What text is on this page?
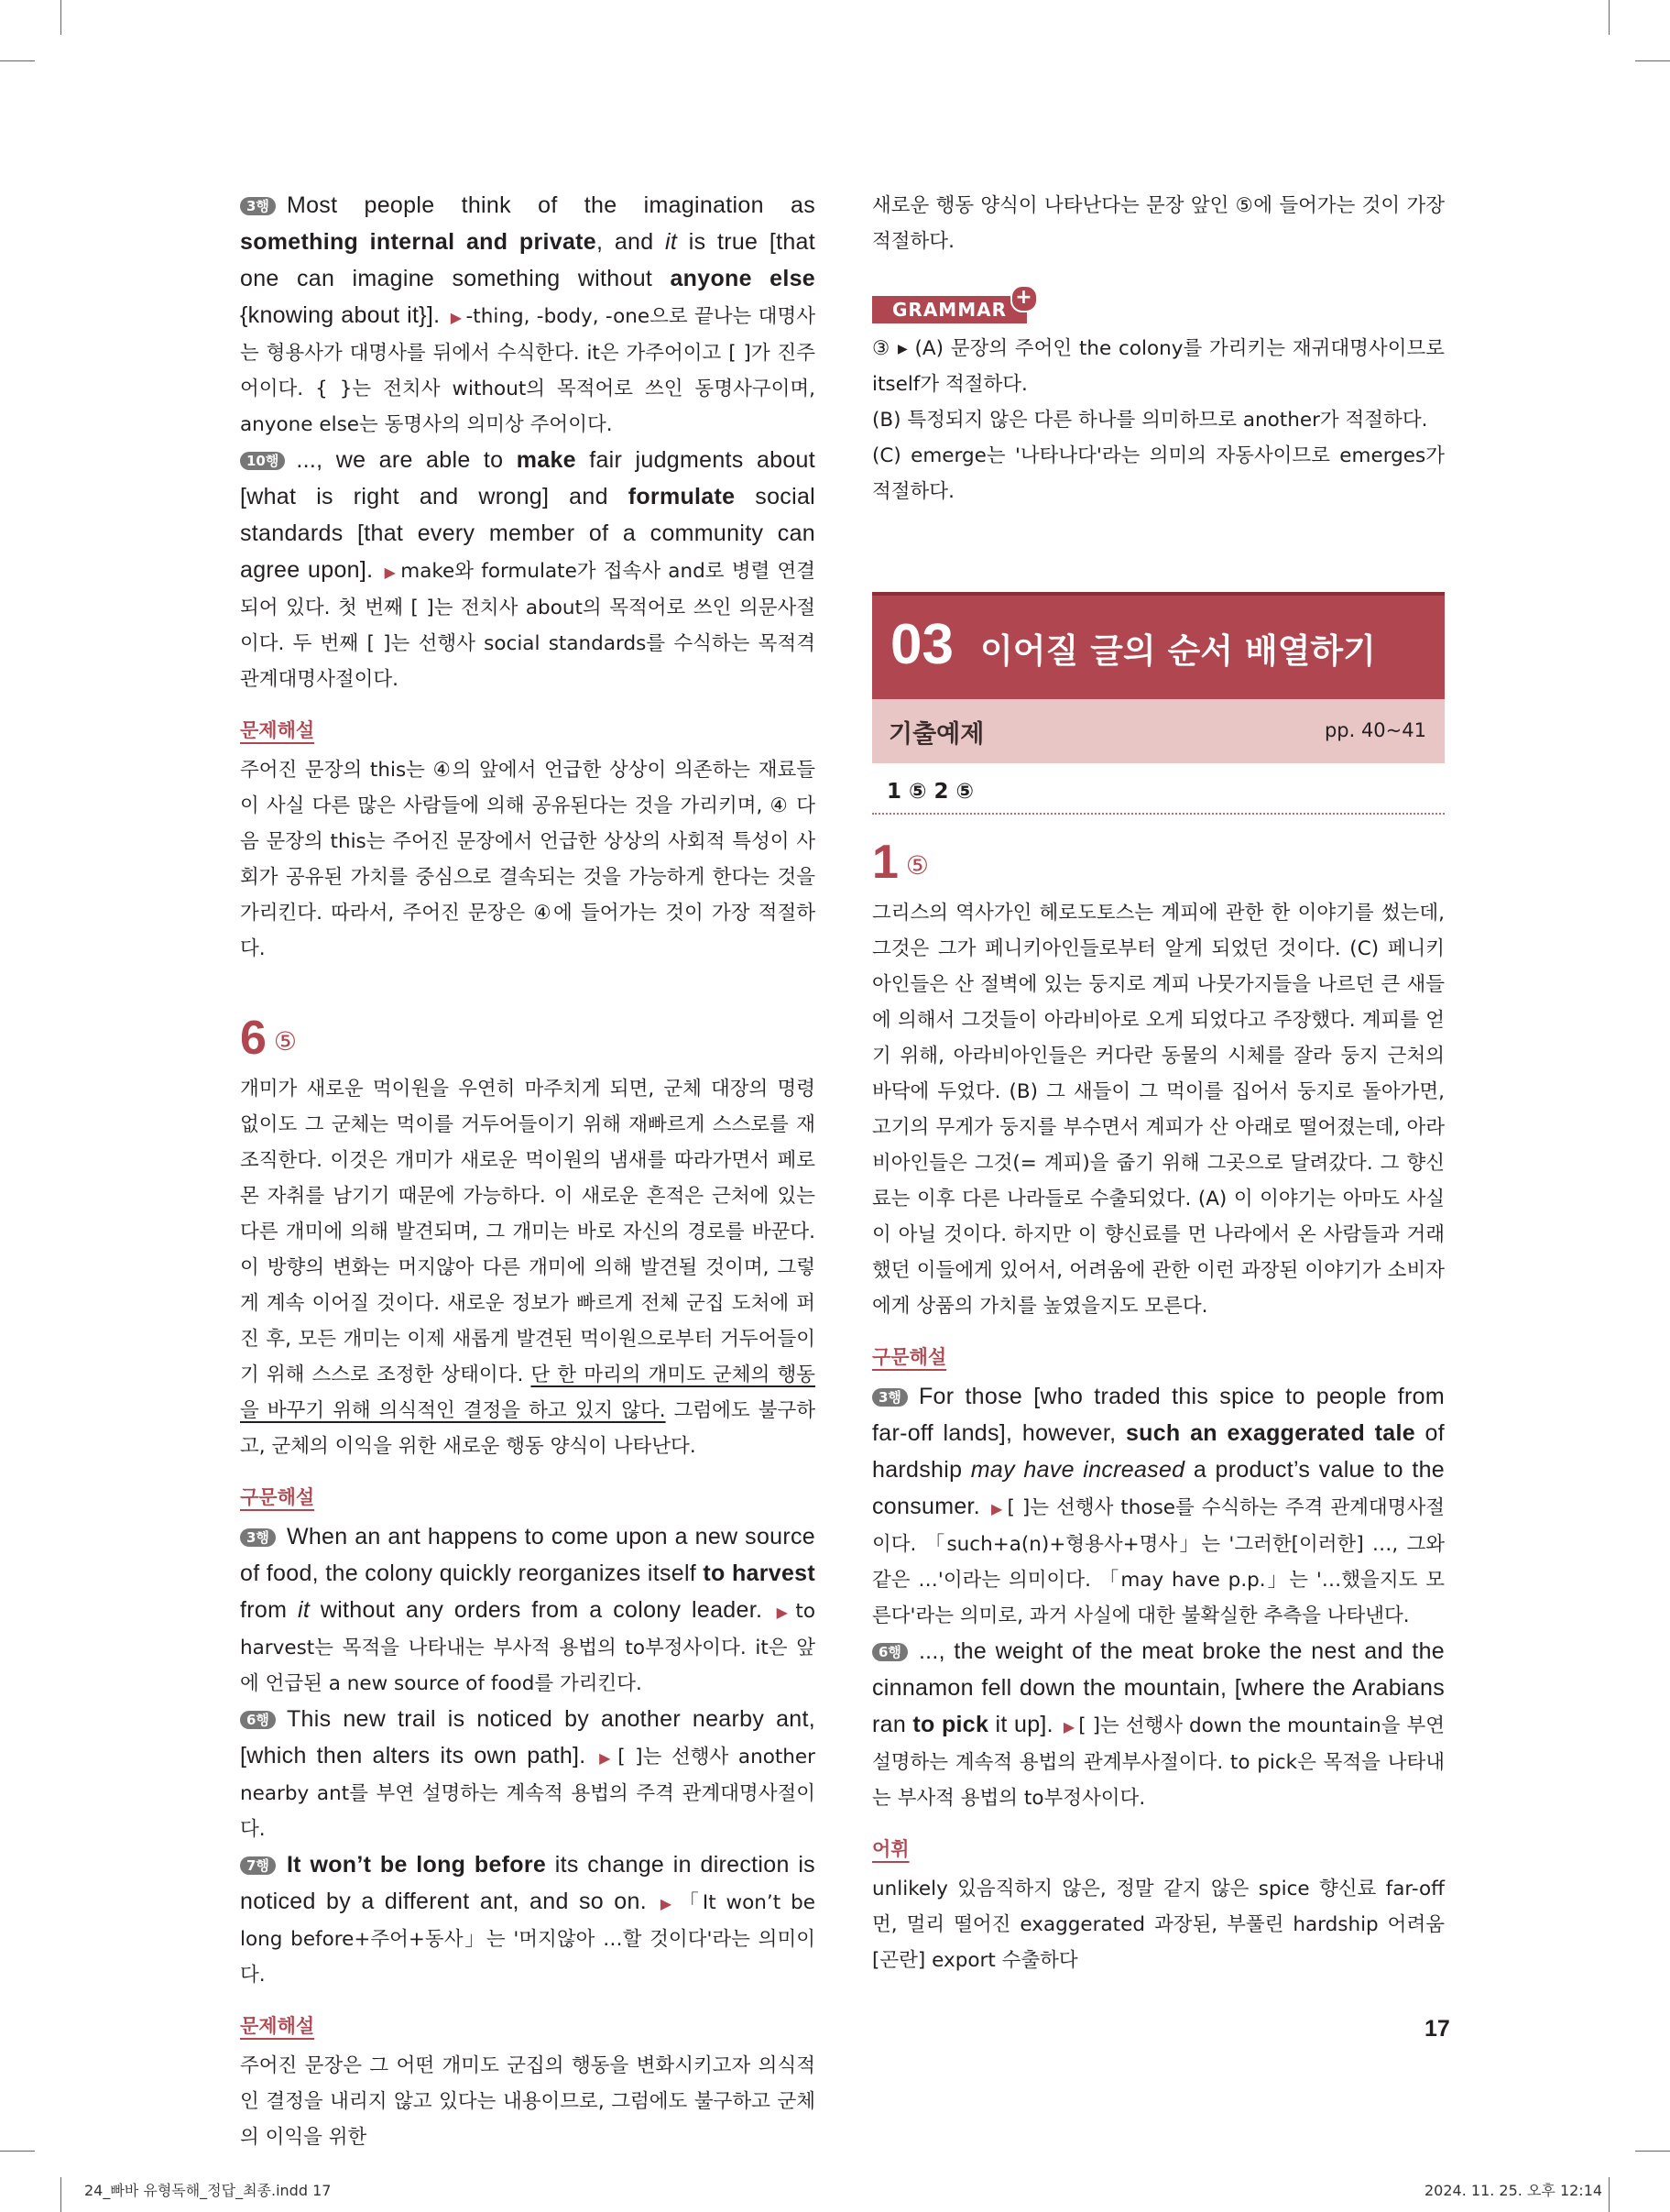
3행 Most people think of the imagination as something internal and private, and it is true [that one can imagine something without anyone else {knowing about it}]. ▶ -thing, -body, -one으로 끝나는 대명사는 형용사가 대명사를 뒤에서 수식한다. it은 가주어이고 [ ]가 진주어이다. { }는 전치사 without의 목적어로 쓰인 동명사구이며, anyone else는 동명사의 의미상 주어이다.

10행 ..., we are able to make fair judgments about [what is right and wrong] and formulate social standards [that every member of a community can agree upon]. ▶ make와 formulate가 접속사 and로 병렬 연결되어 있다. 첫 번째 [ ]는 전치사 about의 목적어로 쓰인 의문사절이다. 두 번째 [ ]는 선행사 social standards를 수식하는 목적격 관계대명사절이다.

문제해설

주어진 문장의 this는 ④의 앞에서 언급한 상상이 의존하는 재료들이 사실 다른 많은 사람들에 의해 공유된다는 것을 가리키며, ④ 다음 문장의 this는 주어진 문장에서 언급한 상상의 사회적 특성이 사회가 공유된 가치를 중심으로 결속되는 것을 가능하게 한다는 것을 가리킨다. 따라서, 주어진 문장은 ④에 들어가는 것이 가장 적절하다.

6 ⑤

개미가 새로운 먹이원을 우연히 마주치게 되면, 군체 대장의 명령 없이도 그 군체는 먹이를 거두어들이기 위해 재빠르게 스스로를 재조직한다. 이것은 개미가 새로운 먹이원의 냄새를 따라가면서 페로몬 자취를 남기기 때문에 가능하다. 이 새로운 흔적은 근처에 있는 다른 개미에 의해 발견되며, 그 개미는 바로 자신의 경로를 바꾼다. 이 방향의 변화는 머지않아 다른 개미에 의해 발견될 것이며, 그렇게 계속 이어질 것이다. 새로운 정보가 빠르게 전체 군집 도처에 퍼진 후, 모든 개미는 이제 새롭게 발견된 먹이원으로부터 거두어들이기 위해 스스로 조정한 상태이다. 단 한 마리의 개미도 군체의 행동을 바꾸기 위해 의식적인 결정을 하고 있지 않다. 그럼에도 불구하고, 군체의 이익을 위한 새로운 행동 양식이 나타난다.

구문해설

3행 When an ant happens to come upon a new source of food, the colony quickly reorganizes itself to harvest from it without any orders from a colony leader. ▶ to harvest는 목적을 나타내는 부사적 용법의 to부정사이다. it은 앞에 언급된 a new source of food를 가리킨다.

6행 This new trail is noticed by another nearby ant, [which then alters its own path]. ▶ [ ]는 선행사 another nearby ant를 부연 설명하는 계속적 용법의 주격 관계대명사절이다.

7행 It won’t be long before its change in direction is noticed by a different ant, and so on. ▶ 「It won’t be long before+주어+동사」는 '머지않아 …할 것이다'라는 의미이다.

문제해설

주어진 문장은 그 어떤 개미도 군집의 행동을 변화시키고자 의식적인 결정을 내리지 않고 있다는 내용이므로, 그럼에도 불구하고 군체의 이익을 위한

새로운 행동 양식이 나타난다는 문장 앞인 ⑤에 들어가는 것이 가장 적절하다.

GRAMMAR
+

③ ▸ (A) 문장의 주어인 the colony를 가리키는 재귀대명사이므로 itself가 적절하다.

(B) 특정되지 않은 다른 하나를 의미하므로 another가 적절하다.

(C) emerge는 '나타나다'라는 의미의 자동사이므로 emerges가 적절하다.

03 이어질 글의 순서 배열하기
기출예제	pp. 40~41
1 ⑤ 2 ⑤
1 ⑤

그리스의 역사가인 헤로도토스는 계피에 관한 한 이야기를 썼는데, 그것은 그가 페니키아인들로부터 알게 되었던 것이다. (C) 페니키아인들은 산 절벽에 있는 둥지로 계피 나뭇가지들을 나르던 큰 새들에 의해서 그것들이 아라비아로 오게 되었다고 주장했다. 계피를 얻기 위해, 아라비아인들은 커다란 동물의 시체를 잘라 둥지 근처의 바닥에 두었다. (B) 그 새들이 그 먹이를 집어서 둥지로 돌아가면, 고기의 무게가 둥지를 부수면서 계피가 산 아래로 떨어졌는데, 아라비아인들은 그것(= 계피)을 줍기 위해 그곳으로 달려갔다. 그 향신료는 이후 다른 나라들로 수출되었다. (A) 이 이야기는 아마도 사실이 아닐 것이다. 하지만 이 향신료를 먼 나라에서 온 사람들과 거래했던 이들에게 있어서, 어려움에 관한 이런 과장된 이야기가 소비자에게 상품의 가치를 높였을지도 모른다.

구문해설

3행 For those [who traded this spice to people from far-off lands], however, such an exaggerated tale of hardship may have increased a product’s value to the consumer. ▶ [ ]는 선행사 those를 수식하는 주격 관계대명사절이다. 「such+a(n)+형용사+명사」는 '그러한[이러한] …, 그와 같은 …'이라는 의미이다. 「may have p.p.」는 '…했을지도 모른다'라는 의미로, 과거 사실에 대한 불확실한 추측을 나타낸다.

6행 ..., the weight of the meat broke the nest and the cinnamon fell down the mountain, [where the Arabians ran to pick it up]. ▶ [ ]는 선행사 down the mountain을 부연 설명하는 계속적 용법의 관계부사절이다. to pick은 목적을 나타내는 부사적 용법의 to부정사이다.

어휘

unlikely 있음직하지 않은, 정말 같지 않은 spice 향신료 far-off 먼, 멀리 떨어진 exaggerated 과장된, 부풀린 hardship 어려움[곤란] export 수출하다

17
24_빠바 유형독해_정답_최종.indd 17	2024. 11. 25. 오후 12:14
